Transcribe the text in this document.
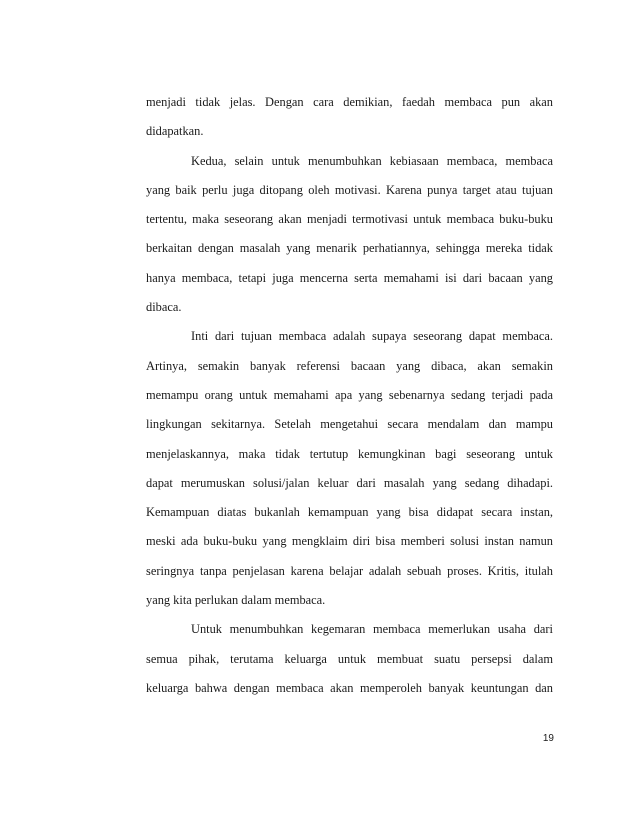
menjadi tidak jelas. Dengan cara demikian, faedah membaca pun akan
didapatkan.
Kedua, selain untuk menumbuhkan kebiasaan membaca, membaca
yang baik perlu juga ditopang oleh motivasi. Karena punya target atau tujuan
tertentu, maka seseorang akan menjadi termotivasi untuk membaca buku-buku
berkaitan dengan masalah yang menarik perhatiannya, sehingga mereka tidak
hanya membaca, tetapi juga mencerna serta memahami isi dari bacaan yang
dibaca.
Inti dari tujuan membaca adalah supaya seseorang dapat membaca.
Artinya, semakin banyak referensi bacaan yang dibaca, akan semakin
memampu orang untuk memahami apa yang sebenarnya sedang terjadi pada
lingkungan sekitarnya. Setelah mengetahui secara mendalam dan mampu
menjelaskannya, maka tidak tertutup kemungkinan bagi seseorang untuk
dapat merumuskan solusi/jalan keluar dari masalah yang sedang dihadapi.
Kemampuan diatas bukanlah kemampuan yang bisa didapat secara instan,
meski ada buku-buku yang mengklaim diri bisa memberi solusi instan namun
seringnya tanpa penjelasan karena belajar adalah sebuah proses. Kritis, itulah
yang kita perlukan dalam membaca.
Untuk menumbuhkan kegemaran membaca memerlukan usaha dari
semua pihak, terutama keluarga untuk membuat suatu persepsi dalam
keluarga bahwa dengan membaca akan memperoleh banyak keuntungan dan
19
